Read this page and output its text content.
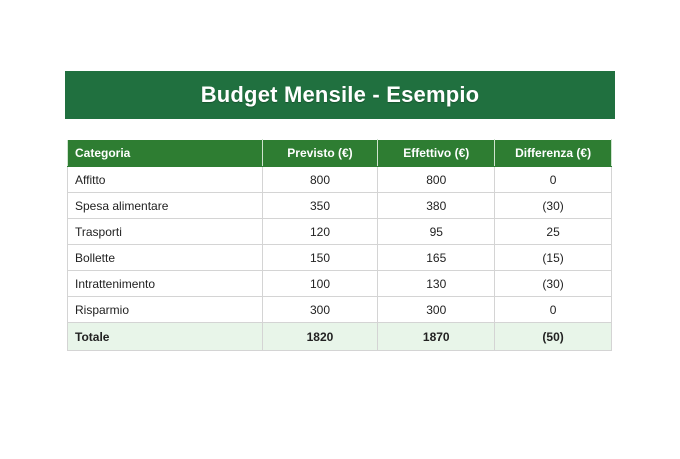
Budget Mensile - Esempio
Categoria	Previsto (€)	Effettivo (€)	Differenza (€)
Affitto	800	800	0
Spesa alimentare	350	380	(30)
Trasporti	120	95	25
Bollette	150	165	(15)
Intrattenimento	100	130	(30)
Risparmio	300	300	0
Totale	1820	1870	(50)
